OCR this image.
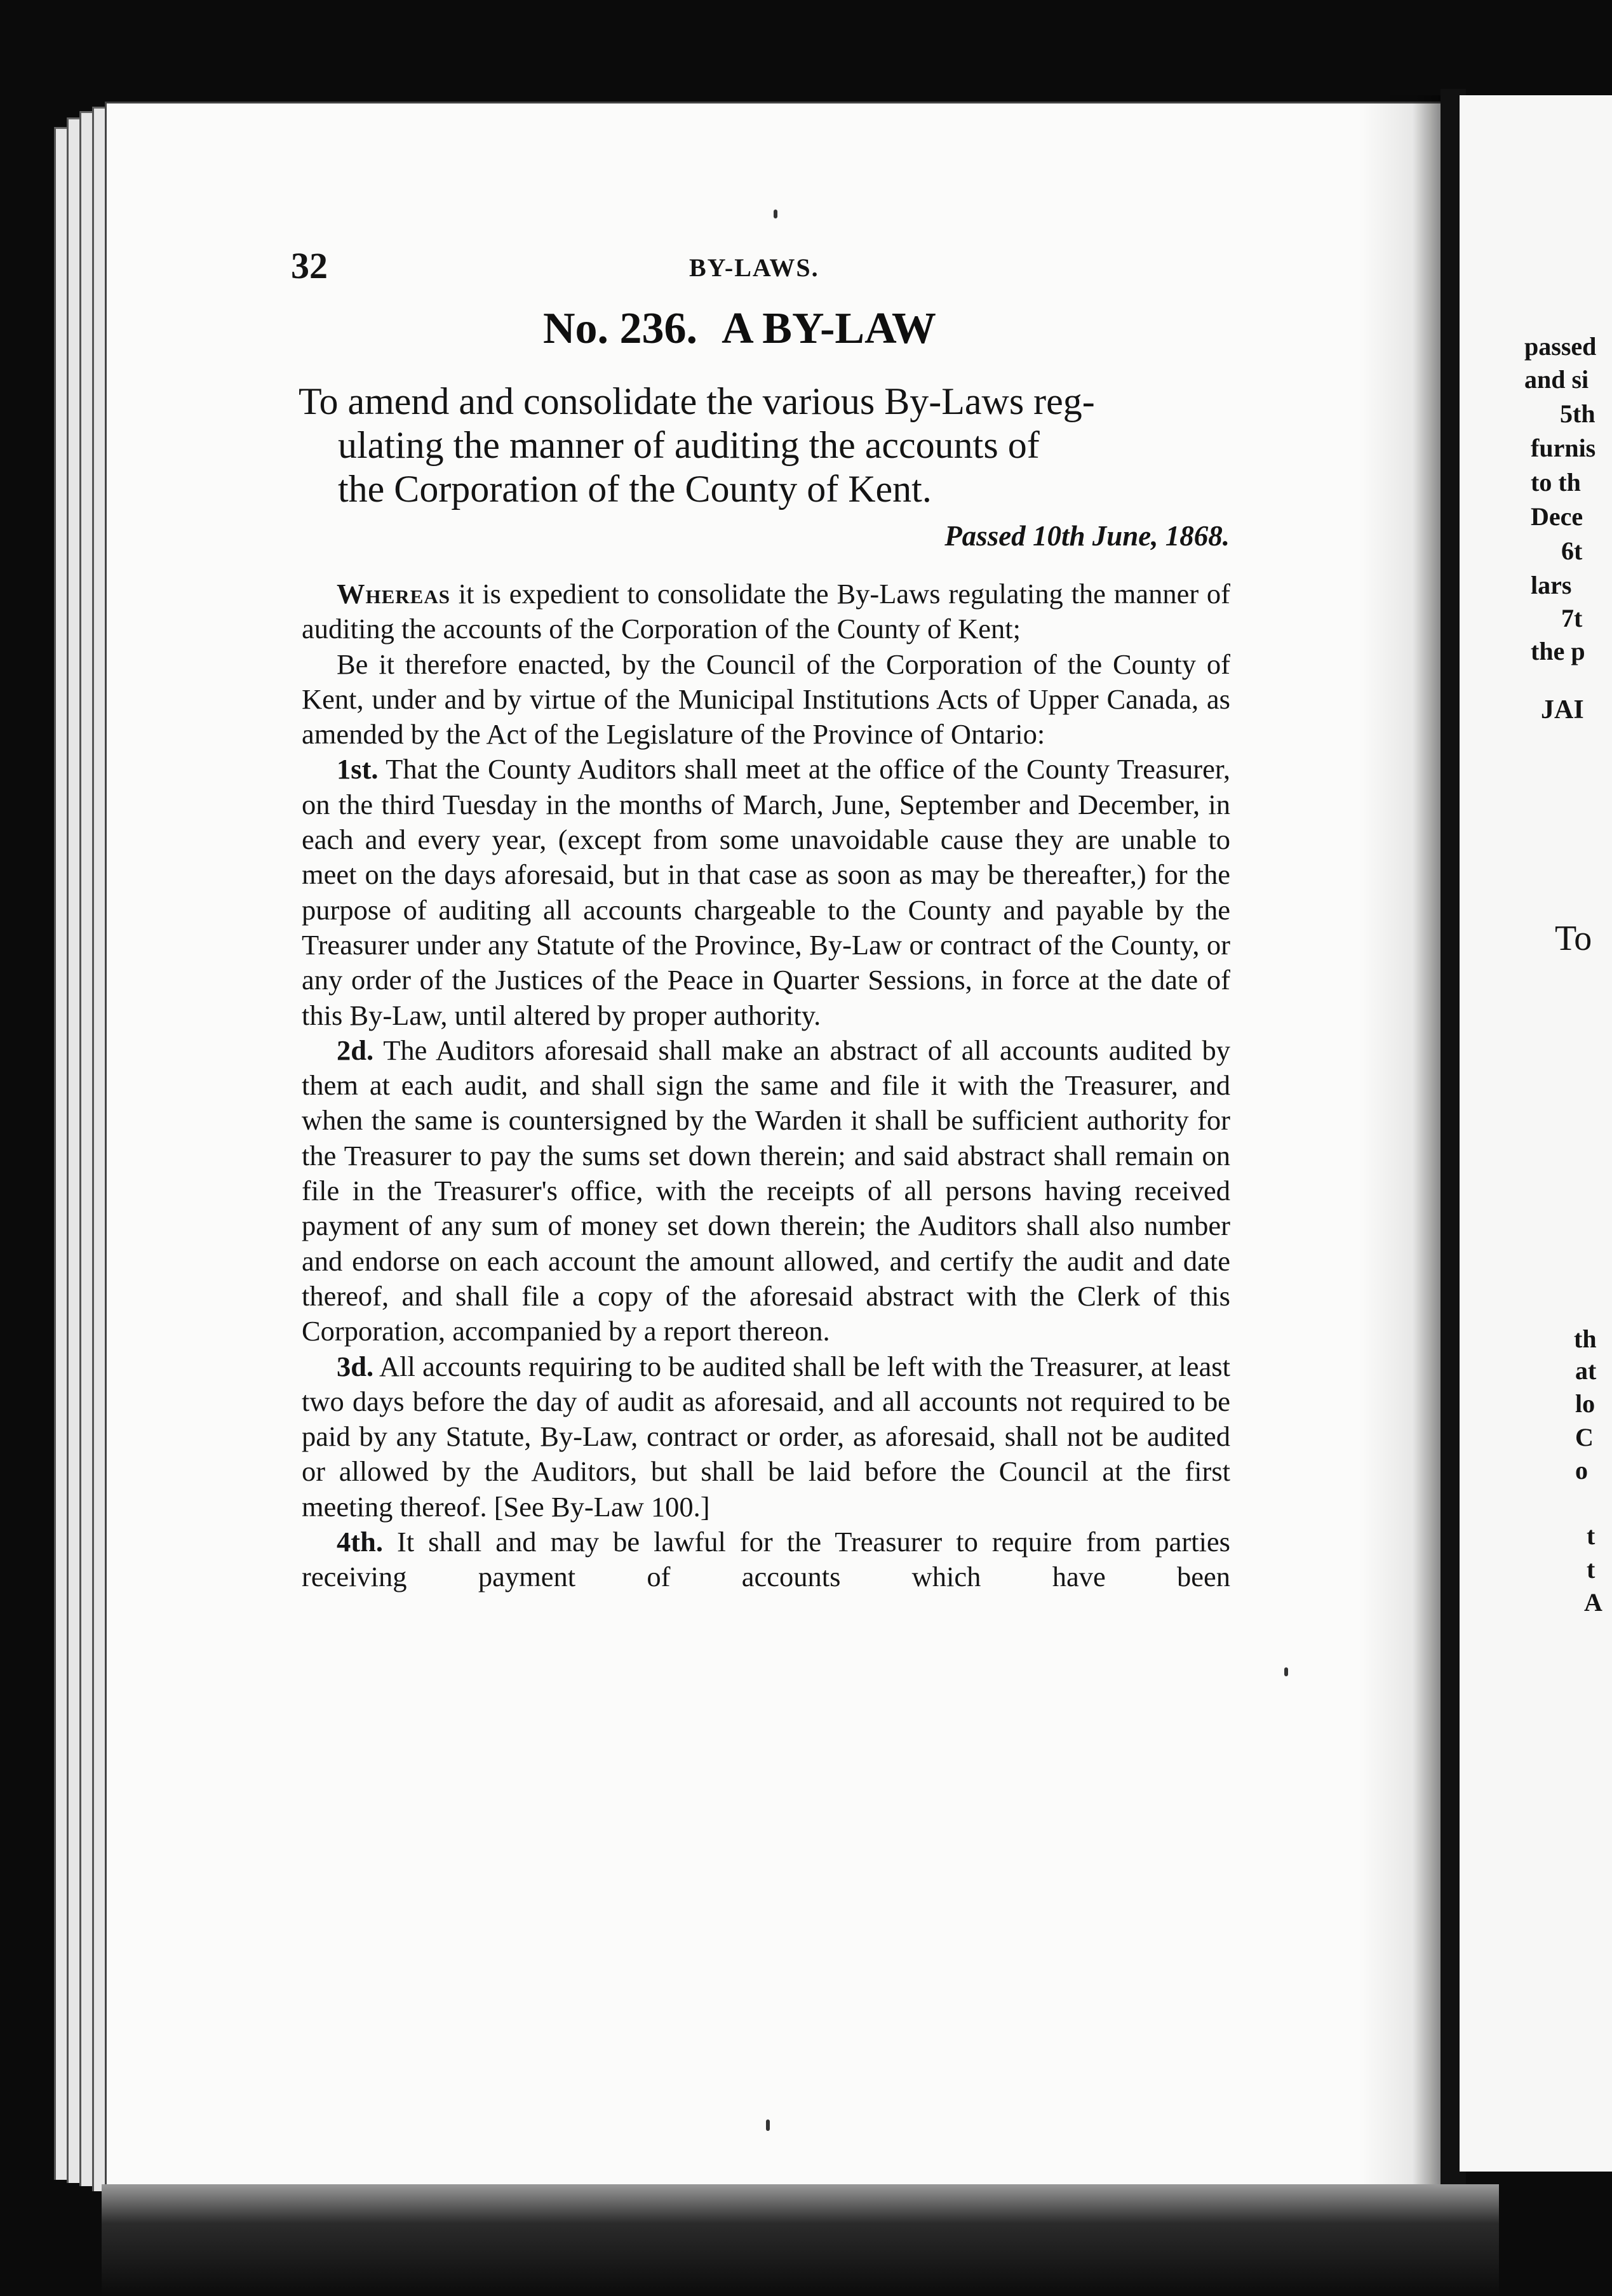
passed
and si
5th
furnis
to th
Dece
6t
lars
7t
the p
JAI
To
th
at
lo
C
o
t
t
A
32	BY-LAWS.
No. 236. A BY-LAW
To amend and consolidate the various By-Laws reg-
ulating the manner of auditing the accounts of
the Corporation of the County of Kent.
Passed 10th June, 1868.

Whereas it is expedient to consolidate the By-Laws regulating the manner of auditing the accounts of the Corporation of the County of Kent;

Be it therefore enacted, by the Council of the Corporation of the County of Kent, under and by virtue of the Municipal Institutions Acts of Upper Canada, as amended by the Act of the Legislature of the Province of Ontario:

1st. That the County Auditors shall meet at the office of the County Treasurer, on the third Tuesday in the months of March, June, September and December, in each and every year, (except from some unavoidable cause they are unable to meet on the days aforesaid, but in that case as soon as may be thereafter,) for the purpose of auditing all accounts chargeable to the County and payable by the Treasurer under any Statute of the Province, By-Law or contract of the County, or any order of the Justices of the Peace in Quarter Sessions, in force at the date of this By-Law, until altered by proper authority.

2d. The Auditors aforesaid shall make an abstract of all accounts audited by them at each audit, and shall sign the same and file it with the Treasurer, and when the same is countersigned by the Warden it shall be sufficient authority for the Treasurer to pay the sums set down therein; and said abstract shall remain on file in the Treasurer's office, with the receipts of all persons having received payment of any sum of money set down therein; the Auditors shall also number and endorse on each account the amount allowed, and certify the audit and date thereof, and shall file a copy of the aforesaid abstract with the Clerk of this Corporation, accompanied by a report thereon.

3d. All accounts requiring to be audited shall be left with the Treasurer, at least two days before the day of audit as aforesaid, and all accounts not required to be paid by any Statute, By-Law, contract or order, as aforesaid, shall not be audited or allowed by the Auditors, but shall be laid before the Council at the first meeting thereof. [See By-Law 100.]

4th. It shall and may be lawful for the Treasurer to require from parties receiving payment of accounts which have been
